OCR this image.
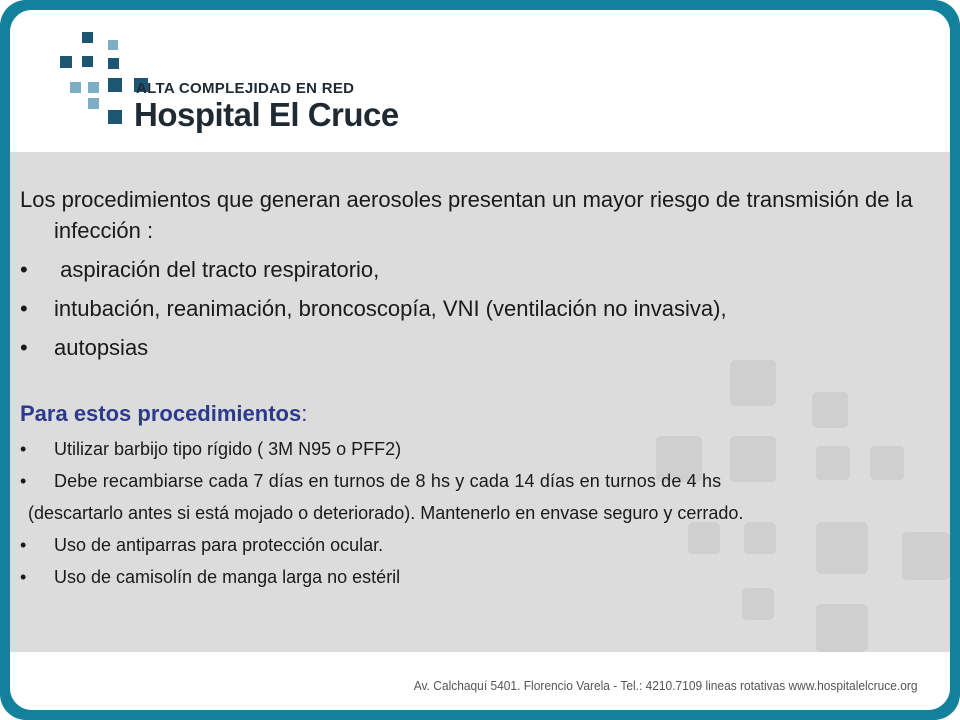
ALTA COMPLEJIDAD EN RED
Hospital El Cruce
Av. Calchaquí 5401. Florencio Varela - Tel.: 4210.7109 lineas rotativas www.hospitalelcruce.org

Los procedimientos que generan aerosoles presentan un mayor riesgo de transmisión de la infección :

• aspiración del tracto respiratorio,
• intubación, reanimación, broncoscopía, VNI (ventilación no invasiva),
• autopsias

Para estos procedimientos:

• Utilizar barbijo tipo rígido ( 3M N95 o PFF2)
• Debe recambiarse cada 7 días en turnos de 8 hs y cada 14 días en turnos de 4 hs

(descartarlo antes si está mojado o deteriorado). Mantenerlo en envase seguro y cerrado.

• Uso de antiparras para protección ocular.
• Uso de camisolín de manga larga no estéril
